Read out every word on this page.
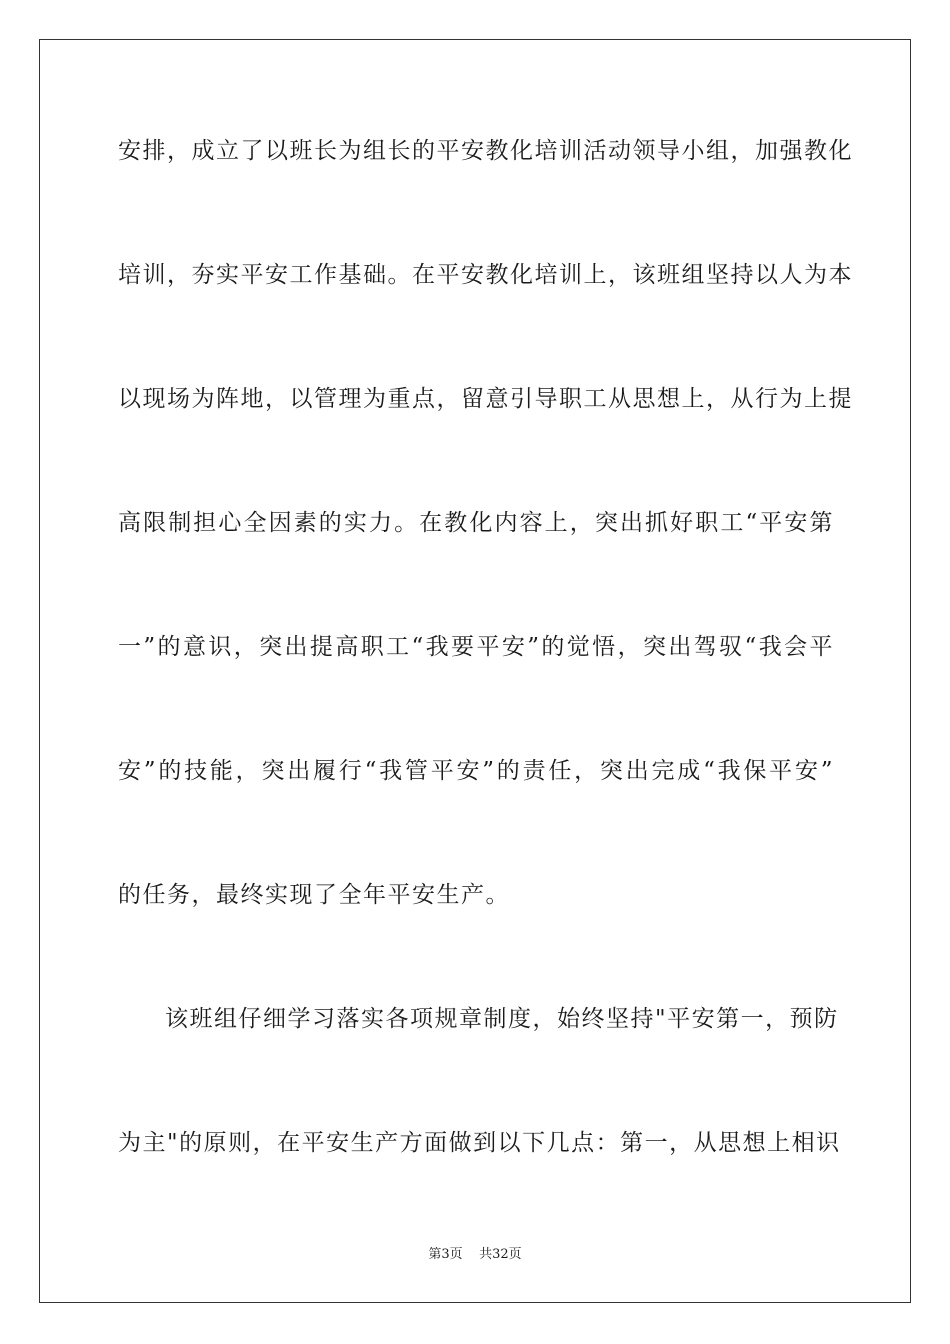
安排，成立了以班长为组长的平安教化培训活动领导小组，加强教化
培训，夯实平安工作基础。在平安教化培训上，该班组坚持以人为本
以现场为阵地，以管理为重点，留意引导职工从思想上，从行为上提
高限制担心全因素的实力。在教化内容上，突出抓好职工“平安第
一”的意识，突出提高职工“我要平安”的觉悟，突出驾驭“我会平
安”的技能，突出履行“我管平安”的责任，突出完成“我保平安”
的任务，最终实现了全年平安生产。
该班组仔细学习落实各项规章制度，始终坚持"平安第一，预防
为主"的原则，在平安生产方面做到以下几点：第一，从思想上相识
第3页 共32页
